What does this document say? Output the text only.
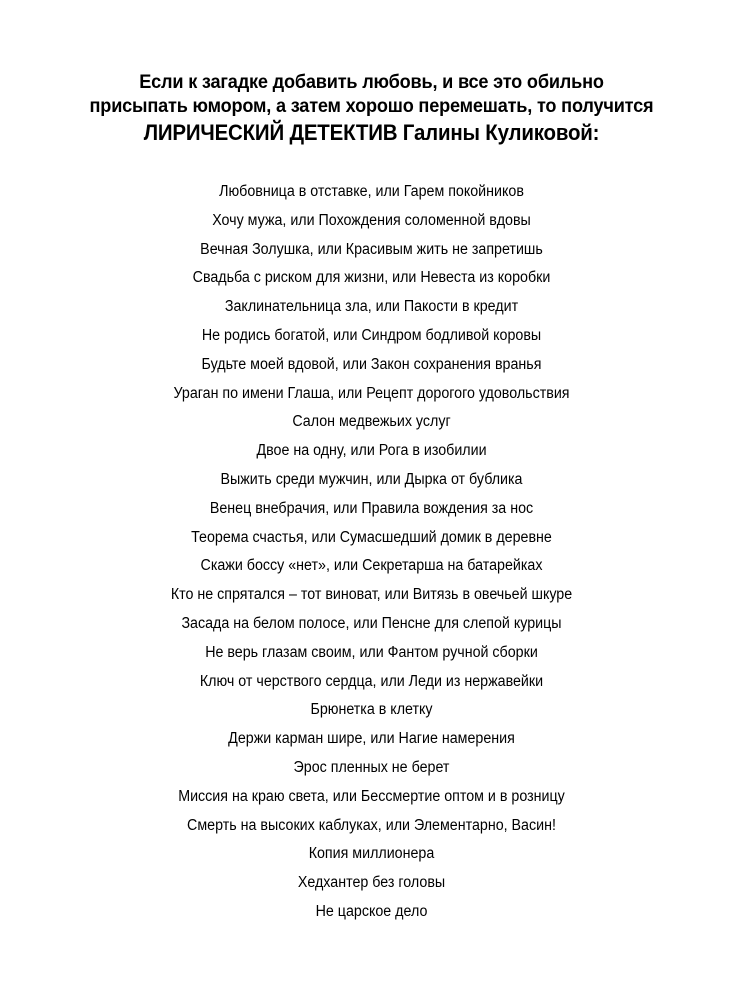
Если к загадке добавить любовь, и все это обильно
присыпать юмором, а затем хорошо перемешать, то получится
ЛИРИЧЕСКИЙ ДЕТЕКТИВ Галины Куликовой:
Любовница в отставке, или Гарем покойников
Хочу мужа, или Похождения соломенной вдовы
Вечная Золушка, или Красивым жить не запретишь
Свадьба с риском для жизни, или Невеста из коробки
Заклинательница зла, или Пакости в кредит
Не родись богатой, или Синдром бодливой коровы
Будьте моей вдовой, или Закон сохранения вранья
Ураган по имени Глаша, или Рецепт дорогого удовольствия
Салон медвежьих услуг
Двое на одну, или Рога в изобилии
Выжить среди мужчин, или Дырка от бублика
Венец внебрачия, или Правила вождения за нос
Теорема счастья, или Сумасшедший домик в деревне
Скажи боссу «нет», или Секретарша на батарейках
Кто не спрятался – тот виноват, или Витязь в овечьей шкуре
Засада на белом полосе, или Пенсне для слепой курицы
Не верь глазам своим, или Фантом ручной сборки
Ключ от черствого сердца, или Леди из нержавейки
Брюнетка в клетку
Держи карман шире, или Нагие намерения
Эрос пленных не берет
Миссия на краю света, или Бессмертие оптом и в розницу
Смерть на высоких каблуках, или Элементарно, Васин!
Копия миллионера
Хедхантер без головы
Не царское дело
